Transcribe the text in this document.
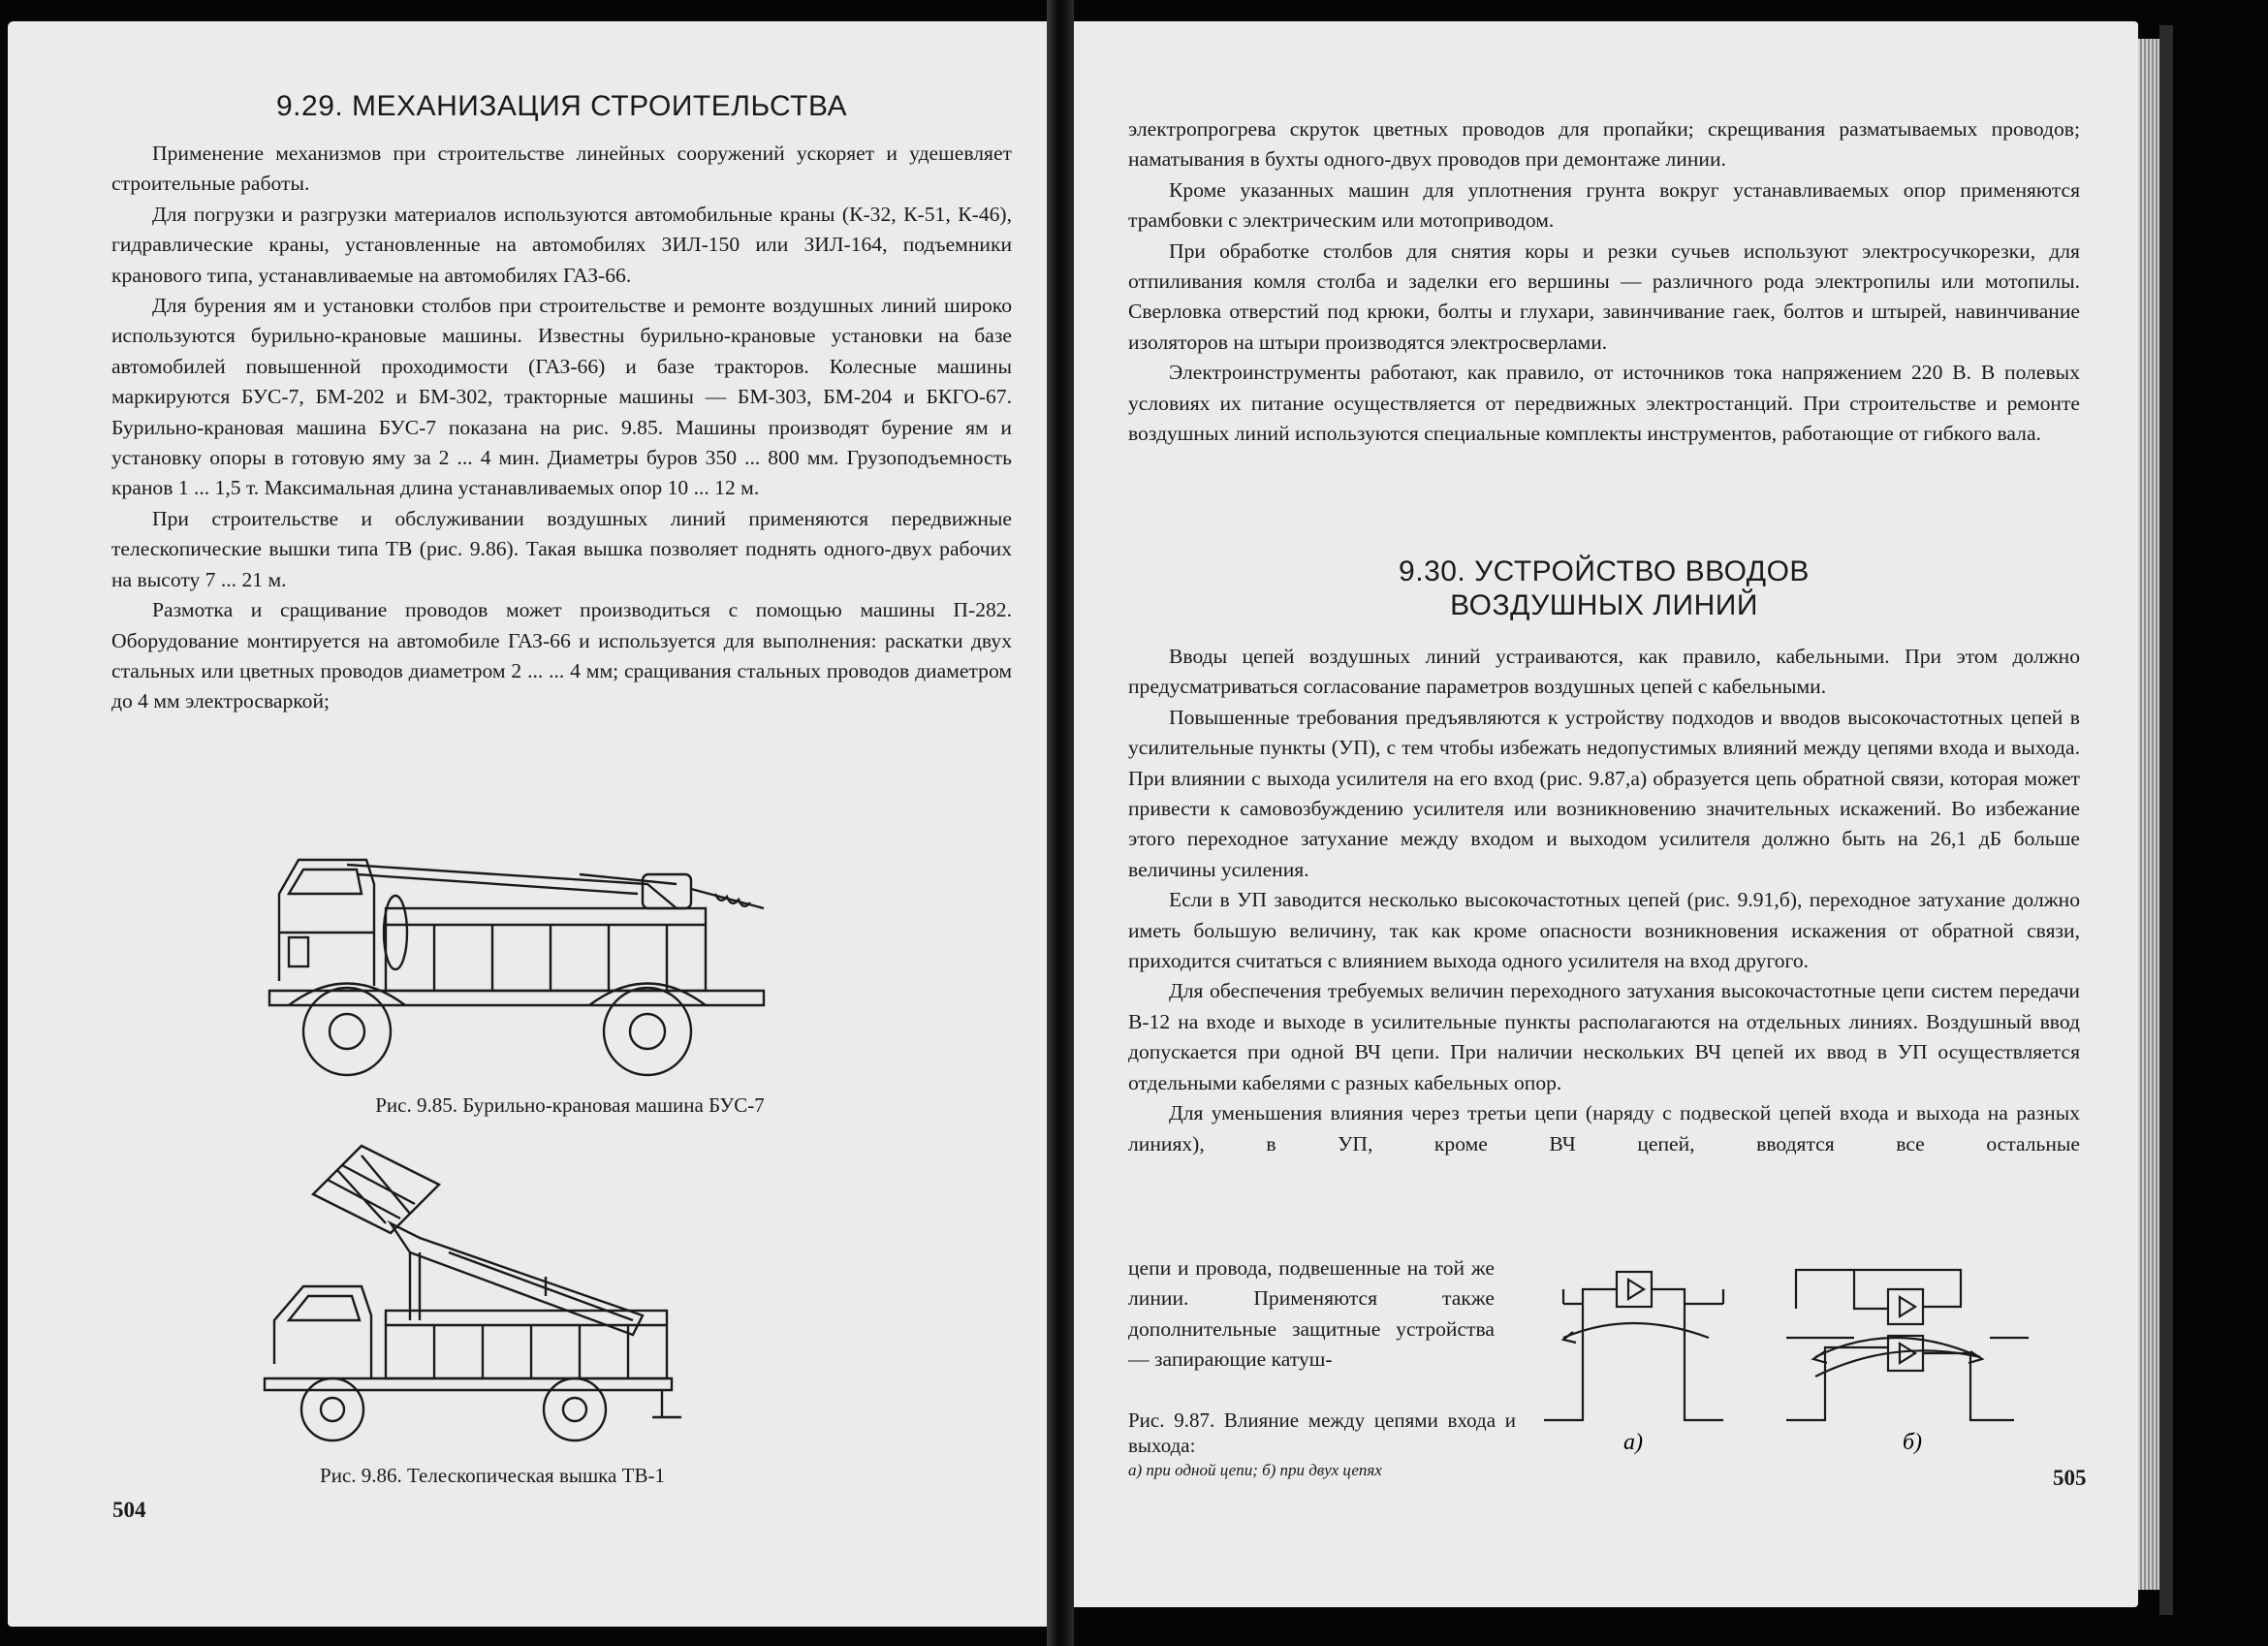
9.29. МЕХАНИЗАЦИЯ СТРОИТЕЛЬСТВА

Применение механизмов при строительстве линейных сооружений ускоряет и удешевляет строительные работы.

Для погрузки и разгрузки материалов используются автомобильные краны (К-32, К-51, К-46), гидравлические краны, установленные на автомобилях ЗИЛ-150 или ЗИЛ-164, подъемники кранового типа, устанавливаемые на автомобилях ГАЗ-66.

Для бурения ям и установки столбов при строительстве и ремонте воздушных линий широко используются бурильно-крановые машины. Известны бурильно-крановые установки на базе автомобилей повышенной проходимости (ГАЗ-66) и базе тракторов. Колесные машины маркируются БУС-7, БМ-202 и БМ-302, тракторные машины — БМ-303, БМ-204 и БКГО-67. Бурильно-крановая машина БУС-7 показана на рис. 9.85. Машины производят бурение ям и установку опоры в готовую яму за 2 ... 4 мин. Диаметры буров 350 ... 800 мм. Грузоподъемность кранов 1 ... 1,5 т. Максимальная длина устанавливаемых опор 10 ... 12 м.

При строительстве и обслуживании воздушных линий применяются передвижные телескопические вышки типа ТВ (рис. 9.86). Такая вышка позволяет поднять одного-двух рабочих на высоту 7 ... 21 м.

Размотка и сращивание проводов может производиться с помощью машины П-282. Оборудование монтируется на автомобиле ГАЗ-66 и используется для выполнения: раскатки двух стальных или цветных проводов диаметром 2 ... ... 4 мм; сращивания стальных проводов диаметром до 4 мм электросваркой;

Рис. 9.85. Бурильно-крановая машина БУС-7
Рис. 9.86. Телескопическая вышка ТВ-1
504

электропрогрева скруток цветных проводов для пропайки; скрещивания разматываемых проводов; наматывания в бухты одного-двух проводов при демонтаже линии.

Кроме указанных машин для уплотнения грунта вокруг устанавливаемых опор применяются трамбовки с электрическим или мотоприводом.

При обработке столбов для снятия коры и резки сучьев используют электросучкорезки, для отпиливания комля столба и заделки его вершины — различного рода электропилы или мотопилы. Сверловка отверстий под крюки, болты и глухари, завинчивание гаек, болтов и штырей, навинчивание изоляторов на штыри производятся электросверлами.

Электроинструменты работают, как правило, от источников тока напряжением 220 В. В полевых условиях их питание осуществляется от передвижных электростанций. При строительстве и ремонте воздушных линий используются специальные комплекты инструментов, работающие от гибкого вала.

9.30. УСТРОЙСТВО ВВОДОВ
ВОЗДУШНЫХ ЛИНИЙ

Вводы цепей воздушных линий устраиваются, как правило, кабельными. При этом должно предусматриваться согласование параметров воздушных цепей с кабельными.

Повышенные требования предъявляются к устройству подходов и вводов высокочастотных цепей в усилительные пункты (УП), с тем чтобы избежать недопустимых влияний между цепями входа и выхода. При влиянии с выхода усилителя на его вход (рис. 9.87,а) образуется цепь обратной связи, которая может привести к самовозбуждению усилителя или возникновению значительных искажений. Во избежание этого переходное затухание между входом и выходом усилителя должно быть на 26,1 дБ больше величины усиления.

Если в УП заводится несколько высокочастотных цепей (рис. 9.91,б), переходное затухание должно иметь большую величину, так как кроме опасности возникновения искажения от обратной связи, приходится считаться с влиянием выхода одного усилителя на вход другого.

Для обеспечения требуемых величин переходного затухания высокочастотные цепи систем передачи В-12 на входе и выходе в усилительные пункты располагаются на отдельных линиях. Воздушный ввод допускается при одной ВЧ цепи. При наличии нескольких ВЧ цепей их ввод в УП осуществляется отдельными кабелями с разных кабельных опор.

Для уменьшения влияния через третьи цепи (наряду с подвеской цепей входа и выхода на разных линиях), в УП, кроме ВЧ цепей, вводятся все остальные

цепи и провода, подвешенные на той же линии. Применяются также дополнительные защитные устройства — запирающие катуш-

а)	б)
Рис. 9.87. Влияние между цепями входа и выхода:
а) при одной цепи; б) при двух цепях	505
